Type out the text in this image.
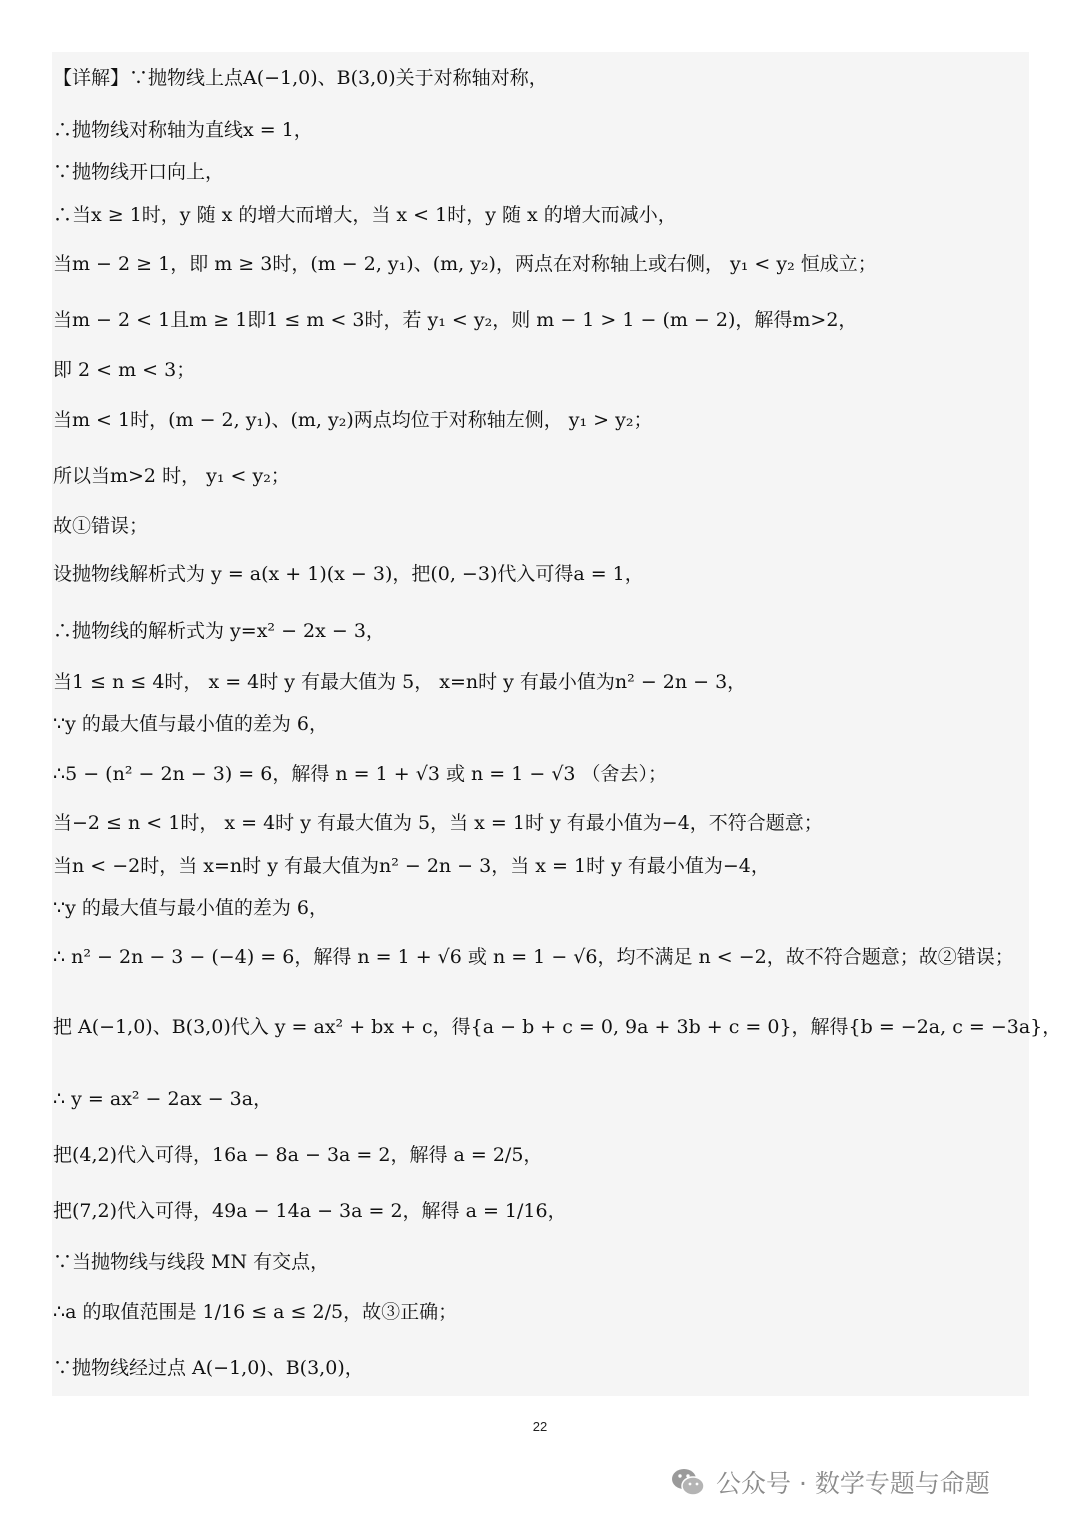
【详解】∵抛物线上点A(−1,0)、B(3,0)关于对称轴对称，
∴抛物线对称轴为直线x = 1，
∵抛物线开口向上，
∴当x ≥ 1时，y 随 x 的增大而增大，当 x < 1时，y 随 x 的增大而减小，
当m − 2 ≥ 1，即 m ≥ 3时，(m − 2, y₁)、(m, y₂)，两点在对称轴上或右侧， y₁ < y₂ 恒成立；
当m − 2 < 1且m ≥ 1即1 ≤ m < 3时，若 y₁ < y₂，则 m − 1 > 1 − (m − 2)，解得m>2，
即 2 < m < 3；
当m < 1时，(m − 2, y₁)、(m, y₂)两点均位于对称轴左侧， y₁ > y₂；
所以当m>2 时， y₁ < y₂；
故①错误；
设抛物线解析式为 y = a(x + 1)(x − 3)，把(0, −3)代入可得a = 1，
∴抛物线的解析式为 y=x² − 2x − 3，
当1 ≤ n ≤ 4时， x = 4时 y 有最大值为 5， x=n时 y 有最小值为n² − 2n − 3，
∵y 的最大值与最小值的差为 6，
∴5 − (n² − 2n − 3) = 6，解得 n = 1 + √3 或 n = 1 − √3 （舍去）；
当−2 ≤ n < 1时， x = 4时 y 有最大值为 5，当 x = 1时 y 有最小值为−4，不符合题意；
当n < −2时，当 x=n时 y 有最大值为n² − 2n − 3，当 x = 1时 y 有最小值为−4，
∵y 的最大值与最小值的差为 6，
∴ n² − 2n − 3 − (−4) = 6，解得 n = 1 + √6 或 n = 1 − √6，均不满足 n < −2，故不符合题意；故②错误；
把 A(−1,0)、B(3,0)代入 y = ax² + bx + c，得{a − b + c = 0, 9a + 3b + c = 0}，解得{b = −2a, c = −3a}，
∴ y = ax² − 2ax − 3a，
把(4,2)代入可得，16a − 8a − 3a = 2，解得 a = 2/5，
把(7,2)代入可得，49a − 14a − 3a = 2，解得 a = 1/16，
∵当抛物线与线段 MN 有交点，
∴a 的取值范围是 1/16 ≤ a ≤ 2/5，故③正确；
∵抛物线经过点 A(−1,0)、B(3,0)，
22
公众号 · 数学专题与命题
